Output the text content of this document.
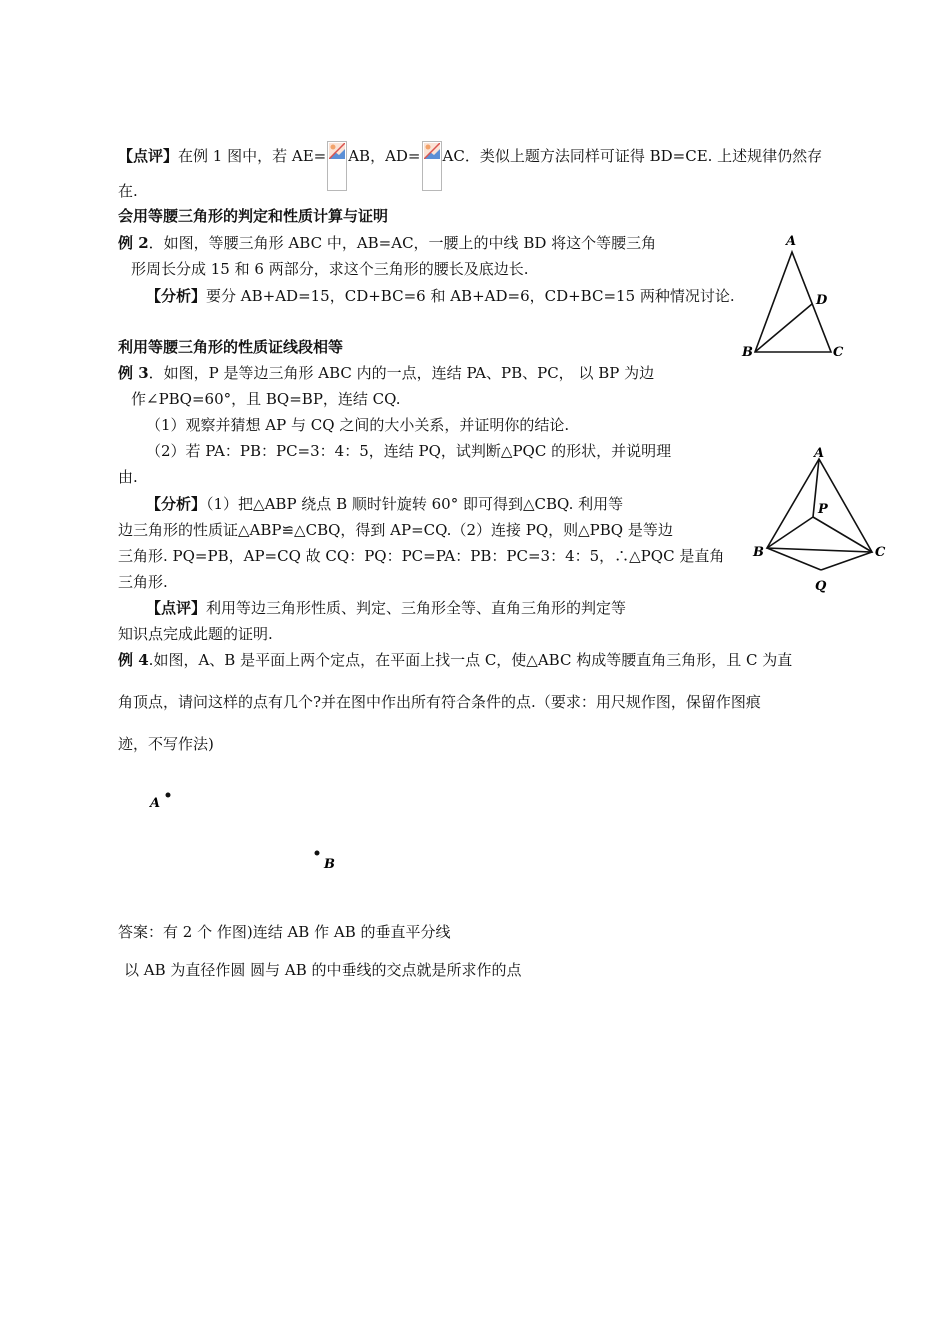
【点评】在例 1 图中，若 AE= AB，AD= AC．类似上题方法同样可证得 BD=CE. 上述规律仍然存
在.
会用等腰三角形的判定和性质计算与证明
例 2．如图，等腰三角形 ABC 中，AB=AC，一腰上的中线 BD 将这个等腰三角
形周长分成 15 和 6 两部分，求这个三角形的腰长及底边长.
【分析】要分 AB+AD=15，CD+BC=6 和 AB+AD=6，CD+BC=15 两种情况讨论.
A
D
B	C
利用等腰三角形的性质证线段相等
例 3．如图，P 是等边三角形 ABC 内的一点，连结 PA、PB、PC， 以 BP 为边
作∠PBQ=60°，且 BQ=BP，连结 CQ.
（1）观察并猜想 AP 与 CQ 之间的大小关系，并证明你的结论.
（2）若 PA：PB：PC=3：4：5，连结 PQ，试判断△PQC 的形状，并说明理
由.
【分析】（1）把△ABP 绕点 B 顺时针旋转 60° 即可得到△CBQ. 利用等
边三角形的性质证△ABP≌△CBQ，得到 AP=CQ.（2）连接 PQ，则△PBQ 是等边
三角形. PQ=PB，AP=CQ 故 CQ：PQ：PC=PA：PB：PC=3：4：5，∴△PQC 是直角
三角形.
【点评】利用等边三角形性质、判定、三角形全等、直角三角形的判定等
知识点完成此题的证明.
A
P
B	C
Q
例 4.如图，A、B 是平面上两个定点，在平面上找一点 C，使△ABC 构成等腰直角三角形，且 C 为直
角顶点，请问这样的点有几个?并在图中作出所有符合条件的点.（要求：用尺规作图，保留作图痕
迹，不写作法)
A
B
答案：有 2 个 作图)连结 AB 作 AB 的垂直平分线
以 AB 为直径作圆 圆与 AB 的中垂线的交点就是所求作的点
